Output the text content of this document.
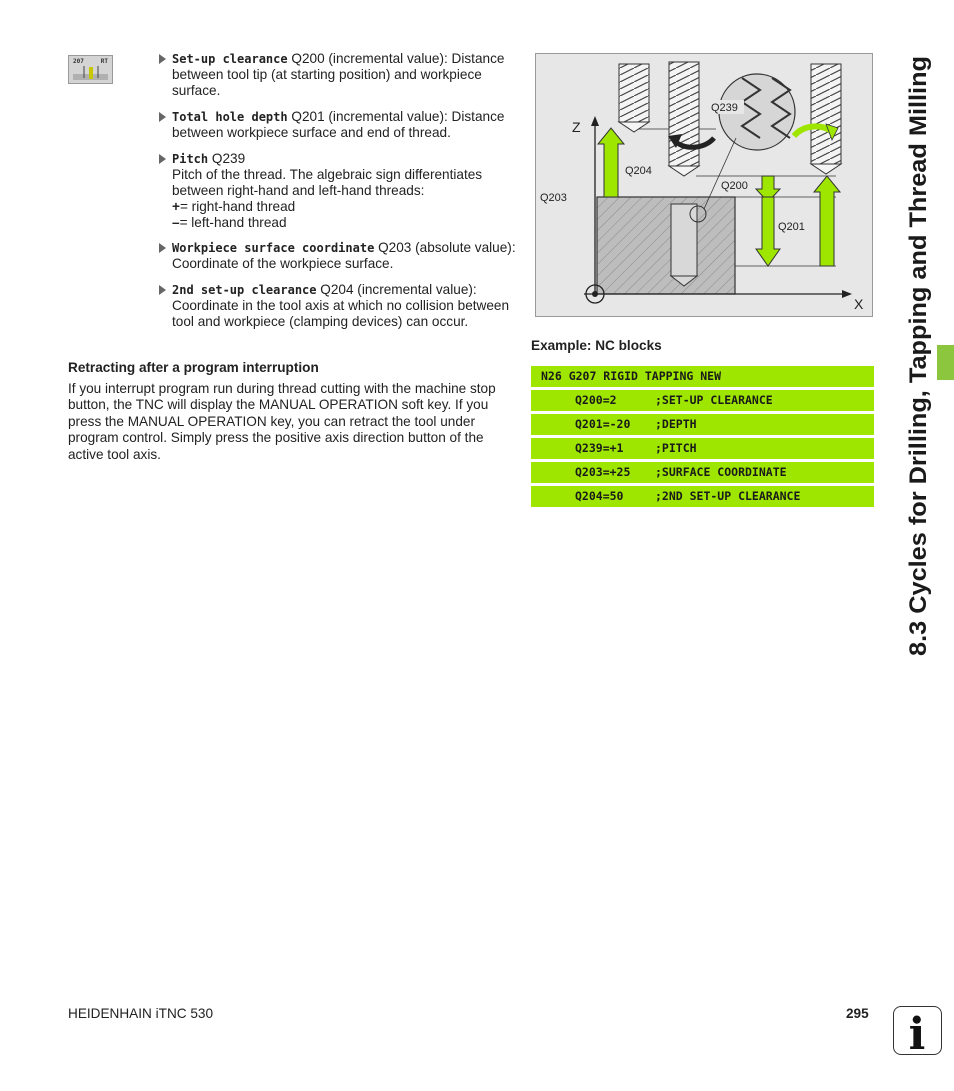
207	RT	Set-up clearance Q200 (incremental value): Distance between tool tip (at starting position) and workpiece surface.
Total hole depth Q201 (incremental value): Distance between workpiece surface and end of thread.
Pitch Q239
Pitch of the thread. The algebraic sign differentiates between right-hand and left-hand threads:
+= right-hand thread
–= left-hand thread
Workpiece surface coordinate Q203 (absolute value): Coordinate of the workpiece surface.
2nd set-up clearance Q204 (incremental value): Coordinate in the tool axis at which no collision between tool and workpiece (clamping devices) can occur.
Retracting after a program interruption
If you interrupt program run during thread cutting with the machine stop button, the TNC will display the MANUAL OPERATION soft key. If you press the MANUAL OPERATION key, you can retract the tool under program control. Simply press the positive axis direction button of the active tool axis.
Z
X
Q239
Q204
Q203
Q200
Q201
Example: NC blocks
N26 G207 RIGID TAPPING NEW
Q200=2	;SET-UP CLEARANCE
Q201=-20 ;DEPTH
Q239=+1	;PITCH
Q203=+25 ;SURFACE COORDINATE
Q204=50	;2ND SET-UP CLEARANCE	8.3 Cycles for Drilling, Tapping and Thread Milling
HEIDENHAIN iTNC 530	295 i
